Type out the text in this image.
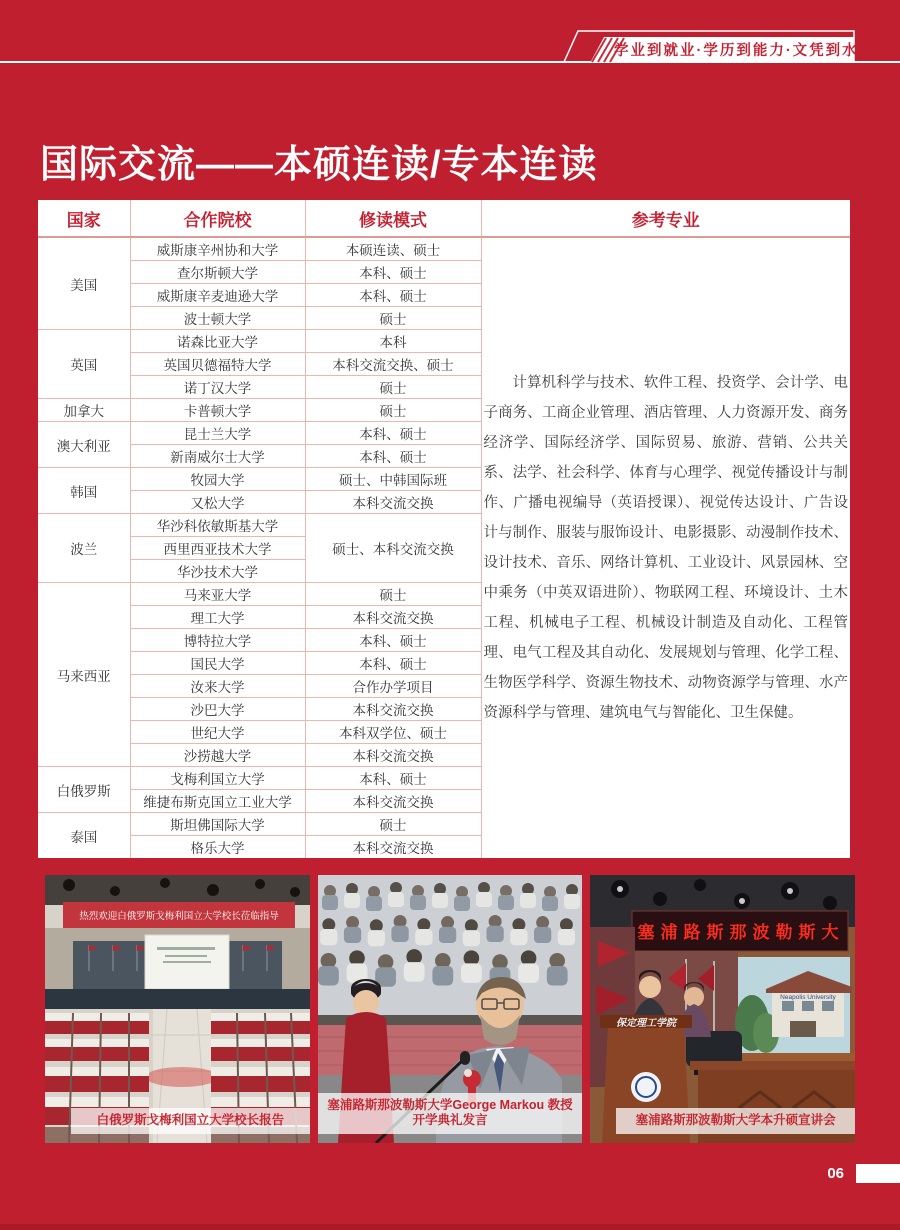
学业到就业·学历到能力·文凭到水平
国际交流——本硕连读/专本连读
国家	合作院校	修读模式	参考专业
美国	威斯康辛州协和大学	本硕连读、硕士	计算机科学与技术、软件工程、投资学、会计学、电子商务、工商企业管理、酒店管理、人力资源开发、商务经济学、国际经济学、国际贸易、旅游、营销、公共关系、法学、社会科学、体育与心理学、视觉传播设计与制作、广播电视编导（英语授课）、视觉传达设计、广告设计与制作、服装与服饰设计、电影摄影、动漫制作技术、设计技术、音乐、网络计算机、工业设计、风景园林、空中乘务（中英双语进阶）、物联网工程、环境设计、土木工程、机械电子工程、机械设计制造及自动化、工程管理、电气工程及其自动化、发展规划与管理、化学工程、生物医学科学、资源生物技术、动物资源学与管理、水产资源科学与管理、建筑电气与智能化、卫生保健。

	查尔斯顿大学	本科、硕士	
	威斯康辛麦迪逊大学	本科、硕士	
	波士顿大学	硕士	
英国	诺森比亚大学	本科	
	英国贝德福特大学	本科交流交换、硕士	
	诺丁汉大学	硕士	
加拿大	卡普顿大学	硕士	
澳大利亚	昆士兰大学	本科、硕士	
	新南威尔士大学	本科、硕士	
韩国	牧园大学	硕士、中韩国际班	
	又松大学	本科交流交换	
波兰	华沙科依敏斯基大学	硕士、本科交流交换	
	西里西亚技术大学		
	华沙技术大学		
马来西亚	马来亚大学	硕士	
	理工大学	本科交流交换	
	博特拉大学	本科、硕士	
	国民大学	本科、硕士	
	汝来大学	合作办学项目	
	沙巴大学	本科交流交换	
	世纪大学	本科双学位、硕士	
	沙捞越大学	本科交流交换	
白俄罗斯	戈梅利国立大学	本科、硕士	
	维捷布斯克国立工业大学	本科交流交换	
泰国	斯坦佛国际大学	硕士	
	格乐大学	本科交流交换	
热烈欢迎白俄罗斯戈梅利国立大学校长莅临指导
白俄罗斯戈梅利国立大学校长报告
塞浦路斯那波勒斯大学George Markou 教授开学典礼发言
塞浦路斯那波勒斯大
Neapolis University
保定理工学院
塞浦路斯那波勒斯大学本升硕宣讲会
06
